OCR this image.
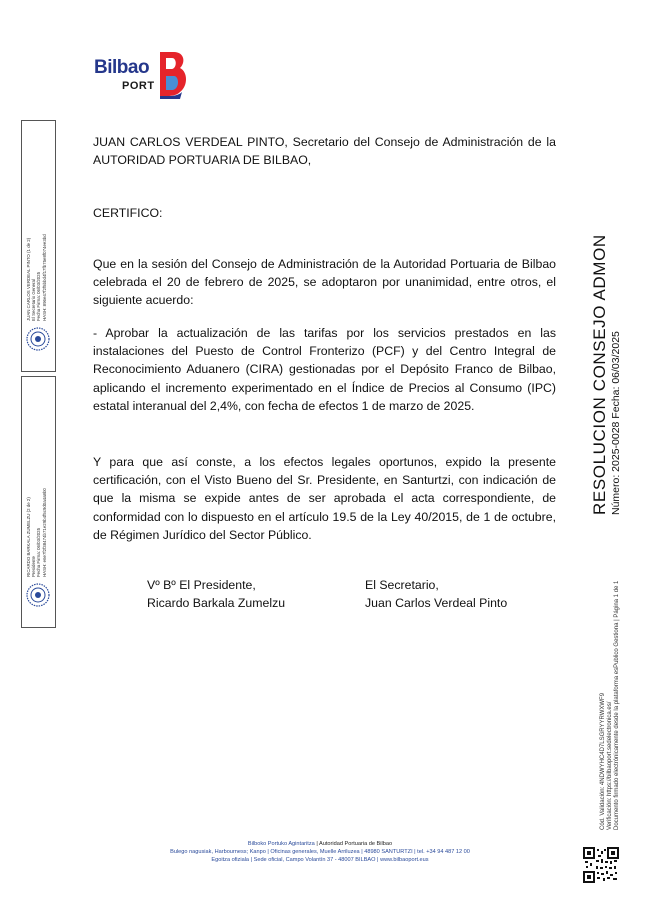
Bilbao
PORT

JUAN CARLOS VERDEAL PINTO, Secretario del Consejo de Administración de la AUTORIDAD PORTUARIA DE BILBAO,

CERTIFICO:

Que en la sesión del Consejo de Administración de la Autoridad Portuaria de Bilbao celebrada el 20 de febrero de 2025, se adoptaron por unanimidad, entre otros, el siguiente acuerdo:

- Aprobar la actualización de las tarifas por los servicios prestados en las instalaciones del Puesto de Control Fronterizo (PCF) y del Centro Integral de Reconocimiento Aduanero (CIRA) gestionadas por el Depósito Franco de Bilbao, aplicando el incremento experimentado en el Índice de Precios al Consumo (IPC) estatal interanual del 2,4%, con fecha de efectos 1 de marzo de 2025.

Y para que así conste, a los efectos legales oportunos, expido la presente certificación, con el Visto Bueno del Sr. Presidente, en Santurtzi, con indicación de que la misma se expide antes de ser aprobada el acta correspondiente, de conformidad con lo dispuesto en el artículo 19.5 de la Ley 40/2015, de 1 de octubre, de Régimen Jurídico del Sector Público.

Vº Bº El Presidente,
Ricardo Barkala Zumelzu
El Secretario,
Juan Carlos Verdeal Pinto
JUAN CARLOS VERDEAL PINTO (1 de 2) El Secretario General Fecha Firma: 06/03/2025 HASH: 896e47f2f5bbd4f17fb75e8f074ee3bd
RICARDO BARKALA ZUMELZU (2 de 2) Presidente Fecha Firma: 06/03/2025 HASH: e6e7f2f38474b71e29b4f5c9d0a4a8b0
RESOLUCION CONSEJO ADMON Número: 2025-0028 Fecha: 06/03/2025
Cód. Validación: 4NDWYHC4D7LSGRYYRWXWF9 Verificación: https://bilbaoport.sedelectronica.es/ Documento firmado electrónicamente desde la plataforma esPublico Gestiona | Página 1 de 1
Bilboko Portuko Agintaritza | Autoridad Portuaria de Bilbao
Bulego nagusiak, Harbourness; Kanpo | Oficinas generales, Muelle Arriluzea | 48980 SANTURTZI | tel. +34 94 487 12 00
Egoitza ofiziala | Sede oficial, Campo Volantín 37 - 48007 BILBAO | www.bilbaoport.eus
